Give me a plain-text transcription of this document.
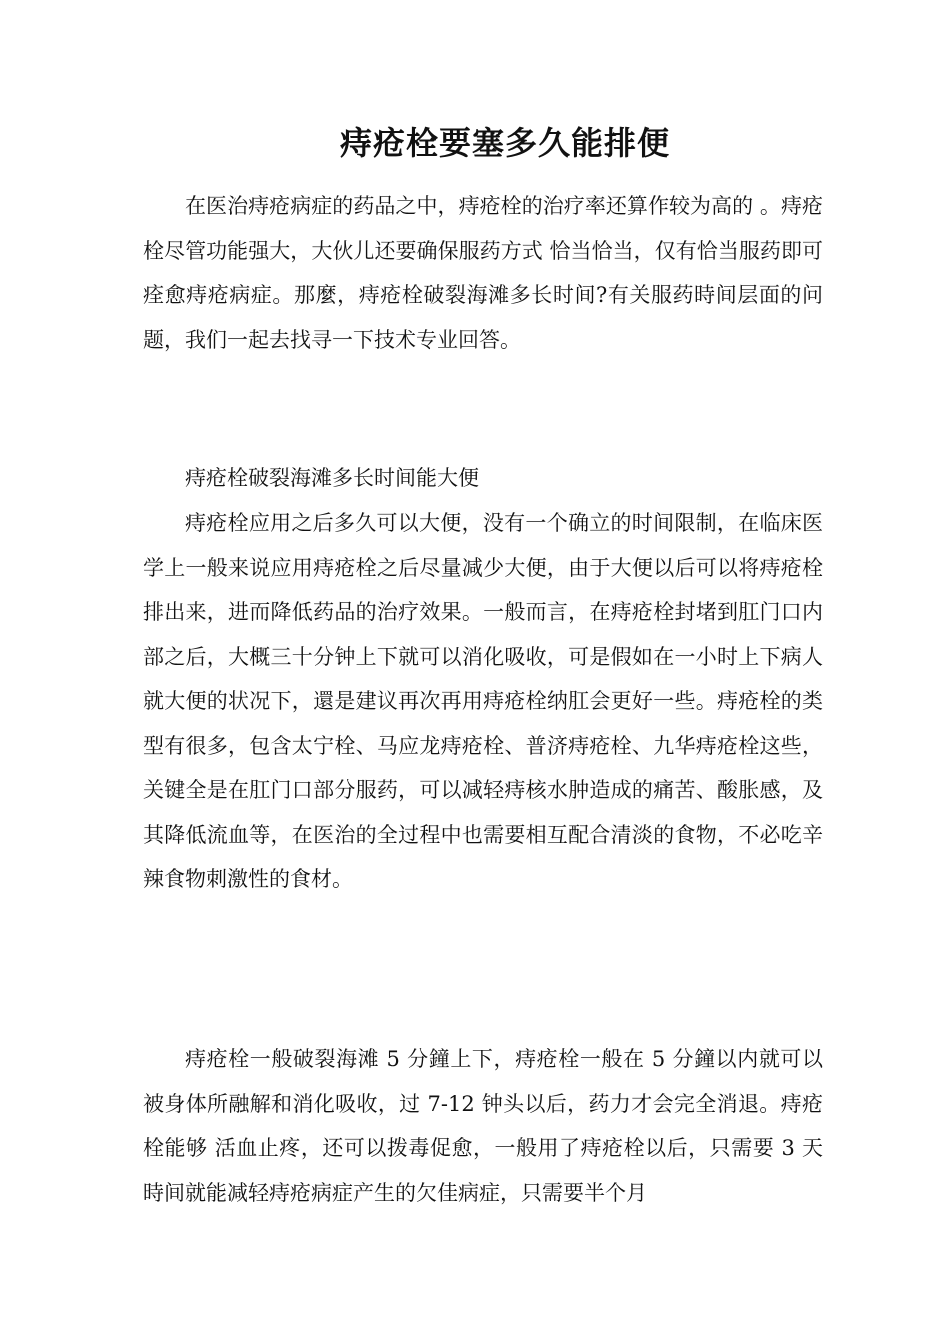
痔疮栓要塞多久能排便

在医治痔疮病症的药品之中，痔疮栓的治疗率还算作较为高的 。痔疮栓尽管功能强大，大伙儿还要确保服药方式 恰当恰当，仅有恰当服药即可痊愈痔疮病症。那麼，痔疮栓破裂海滩多长时间?有关服药時间层面的问题，我们一起去找寻一下技术专业回答。

痔疮栓破裂海滩多长时间能大便

痔疮栓应用之后多久可以大便，没有一个确立的时间限制，在临床医学上一般来说应用痔疮栓之后尽量减少大便，由于大便以后可以将痔疮栓排出来，进而降低药品的治疗效果。一般而言，在痔疮栓封堵到肛门口内部之后，大概三十分钟上下就可以消化吸收，可是假如在一小时上下病人就大便的状况下，還是建议再次再用痔疮栓纳肛会更好一些。痔疮栓的类型有很多，包含太宁栓、马应龙痔疮栓、普济痔疮栓、九华痔疮栓这些，关键全是在肛门口部分服药，可以减轻痔核水肿造成的痛苦、酸胀感，及其降低流血等，在医治的全过程中也需要相互配合清淡的食物，不必吃辛辣食物刺激性的食材。

痔疮栓一般破裂海滩 5 分鐘上下，痔疮栓一般在 5 分鐘以内就可以被身体所融解和消化吸收，过 7-12 钟头以后，药力才会完全消退。痔疮栓能够 活血止疼，还可以拨毒促愈，一般用了痔疮栓以后，只需要 3 天時间就能减轻痔疮病症产生的欠佳病症，只需要半个月
